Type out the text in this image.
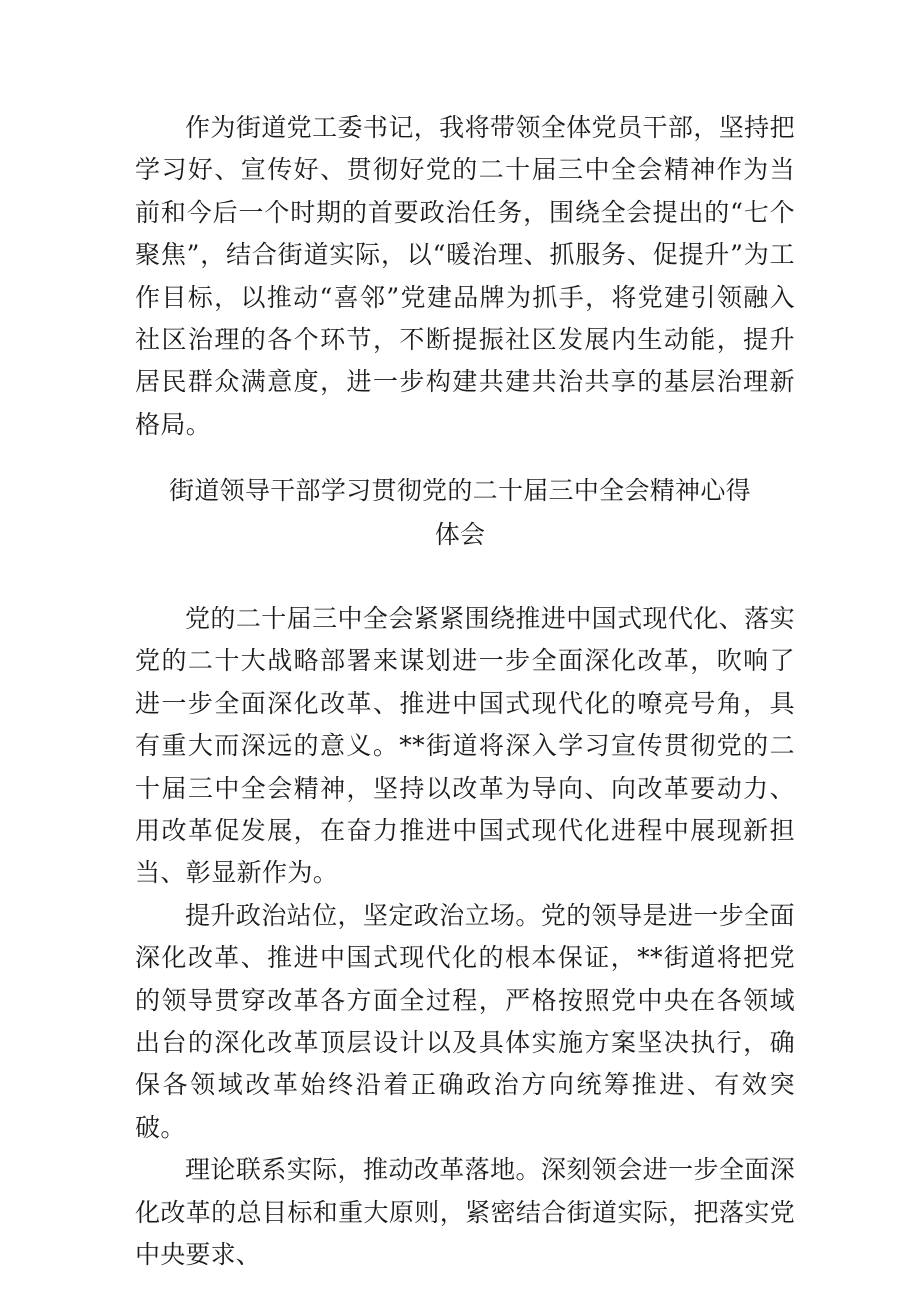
作为街道党工委书记，我将带领全体党员干部，坚持把学习好、宣传好、贯彻好党的二十届三中全会精神作为当前和今后一个时期的首要政治任务，围绕全会提出的“七个聚焦”，结合街道实际，以“暖治理、抓服务、促提升”为工作目标，以推动“喜邻”党建品牌为抓手，将党建引领融入社区治理的各个环节，不断提振社区发展内生动能，提升居民群众满意度，进一步构建共建共治共享的基层治理新格局。

街道领导干部学习贯彻党的二十届三中全会精神心得
体会

党的二十届三中全会紧紧围绕推进中国式现代化、落实党的二十大战略部署来谋划进一步全面深化改革，吹响了进一步全面深化改革、推进中国式现代化的嘹亮号角，具有重大而深远的意义。**街道将深入学习宣传贯彻党的二十届三中全会精神，坚持以改革为导向、向改革要动力、用改革促发展，在奋力推进中国式现代化进程中展现新担当、彰显新作为。

提升政治站位，坚定政治立场。党的领导是进一步全面深化改革、推进中国式现代化的根本保证，**街道将把党的领导贯穿改革各方面全过程，严格按照党中央在各领域出台的深化改革顶层设计以及具体实施方案坚决执行，确保各领域改革始终沿着正确政治方向统筹推进、有效突破。

理论联系实际，推动改革落地。深刻领会进一步全面深化改革的总目标和重大原则，紧密结合街道实际，把落实党中央要求、
